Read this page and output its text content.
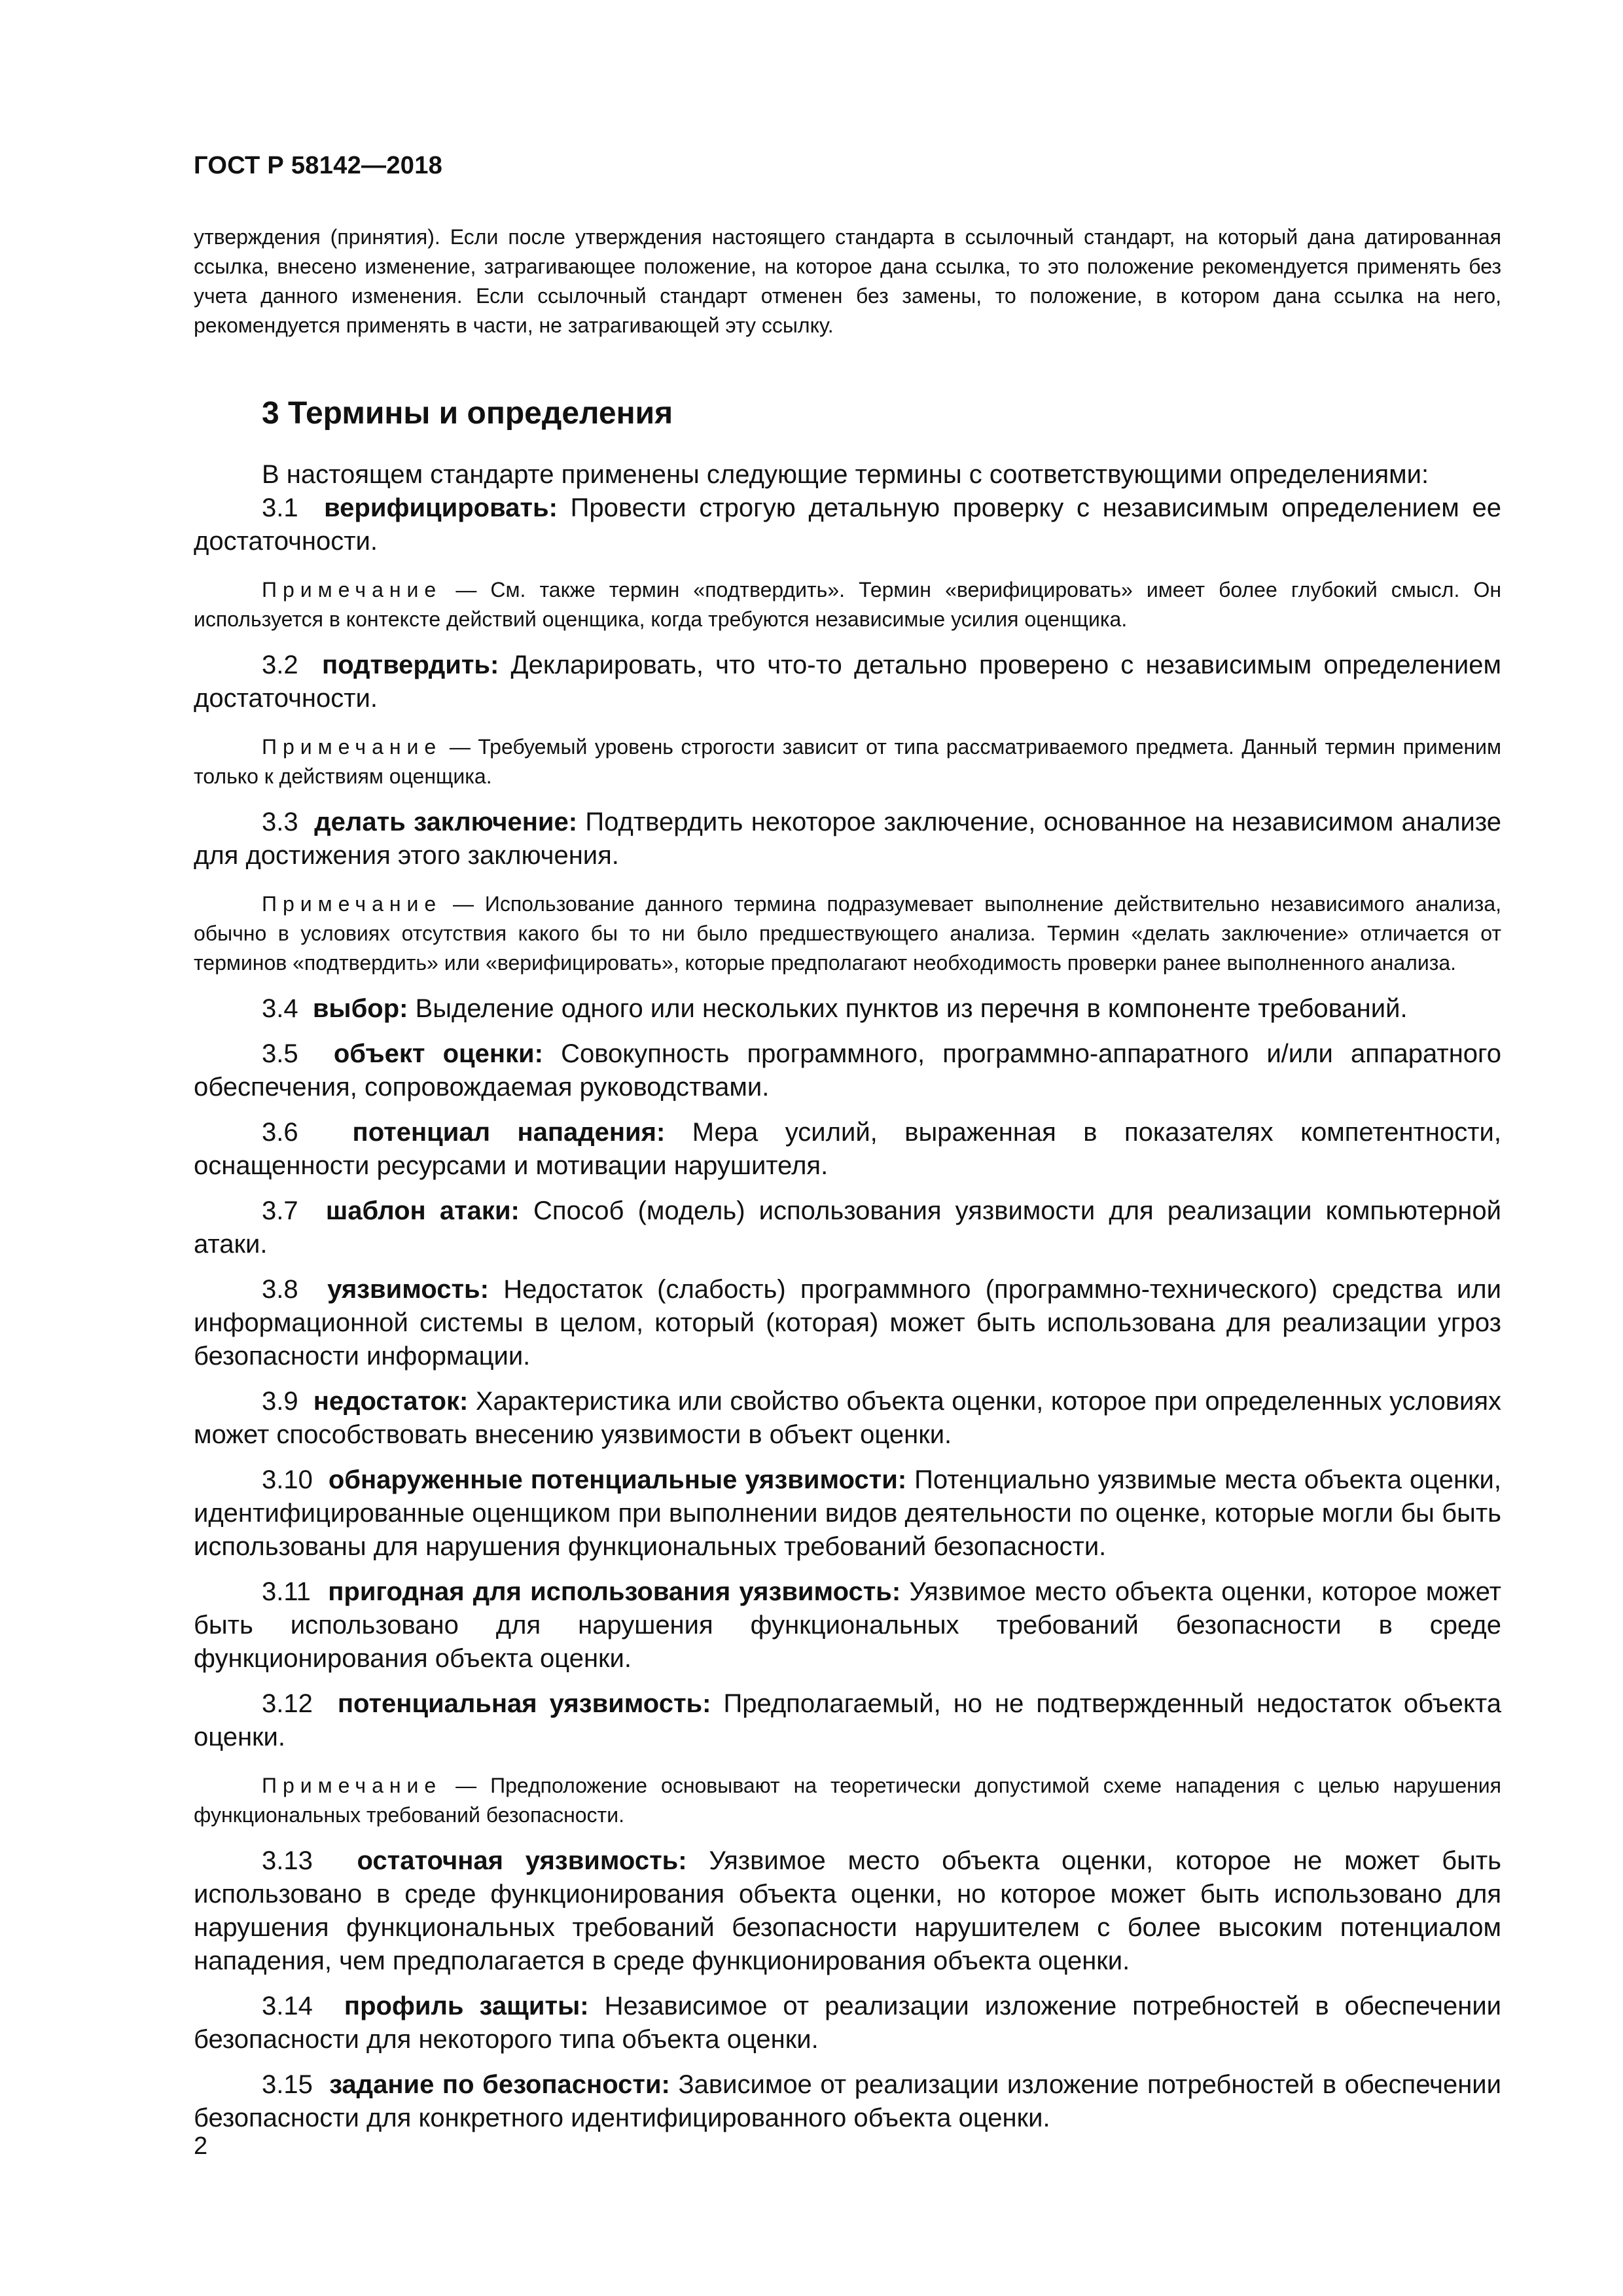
ГОСТ Р 58142—2018

утверждения (принятия). Если после утверждения настоящего стандарта в ссылочный стандарт, на который дана датированная ссылка, внесено изменение, затрагивающее положение, на которое дана ссылка, то это положение рекомендуется применять без учета данного изменения. Если ссылочный стандарт отменен без замены, то положение, в котором дана ссылка на него, рекомендуется применять в части, не затрагивающей эту ссылку.

3 Термины и определения

В настоящем стандарте применены следующие термины с соответствующими определениями:

3.1 верифицировать: Провести строгую детальную проверку с независимым определением ее достаточности.

Примечание — См. также термин «подтвердить». Термин «верифицировать» имеет более глубокий смысл. Он используется в контексте действий оценщика, когда требуются независимые усилия оценщика.

3.2 подтвердить: Декларировать, что что-то детально проверено с независимым определением достаточности.

Примечание — Требуемый уровень строгости зависит от типа рассматриваемого предмета. Данный термин применим только к действиям оценщика.

3.3 делать заключение: Подтвердить некоторое заключение, основанное на независимом анализе для достижения этого заключения.

Примечание — Использование данного термина подразумевает выполнение действительно независимого анализа, обычно в условиях отсутствия какого бы то ни было предшествующего анализа. Термин «делать заключение» отличается от терминов «подтвердить» или «верифицировать», которые предполагают необходимость проверки ранее выполненного анализа.

3.4 выбор: Выделение одного или нескольких пунктов из перечня в компоненте требований.

3.5 объект оценки: Совокупность программного, программно-аппаратного и/или аппаратного обеспечения, сопровождаемая руководствами.

3.6 потенциал нападения: Мера усилий, выраженная в показателях компетентности, оснащенности ресурсами и мотивации нарушителя.

3.7 шаблон атаки: Способ (модель) использования уязвимости для реализации компьютерной атаки.

3.8 уязвимость: Недостаток (слабость) программного (программно-технического) средства или информационной системы в целом, который (которая) может быть использована для реализации угроз безопасности информации.

3.9 недостаток: Характеристика или свойство объекта оценки, которое при определенных условиях может способствовать внесению уязвимости в объект оценки.

3.10 обнаруженные потенциальные уязвимости: Потенциально уязвимые места объекта оценки, идентифицированные оценщиком при выполнении видов деятельности по оценке, которые могли бы быть использованы для нарушения функциональных требований безопасности.

3.11 пригодная для использования уязвимость: Уязвимое место объекта оценки, которое может быть использовано для нарушения функциональных требований безопасности в среде функционирования объекта оценки.

3.12 потенциальная уязвимость: Предполагаемый, но не подтвержденный недостаток объекта оценки.

Примечание — Предположение основывают на теоретически допустимой схеме нападения с целью нарушения функциональных требований безопасности.

3.13 остаточная уязвимость: Уязвимое место объекта оценки, которое не может быть использовано в среде функционирования объекта оценки, но которое может быть использовано для нарушения функциональных требований безопасности нарушителем с более высоким потенциалом нападения, чем предполагается в среде функционирования объекта оценки.

3.14 профиль защиты: Независимое от реализации изложение потребностей в обеспечении безопасности для некоторого типа объекта оценки.

3.15 задание по безопасности: Зависимое от реализации изложение потребностей в обеспечении безопасности для конкретного идентифицированного объекта оценки.

2
